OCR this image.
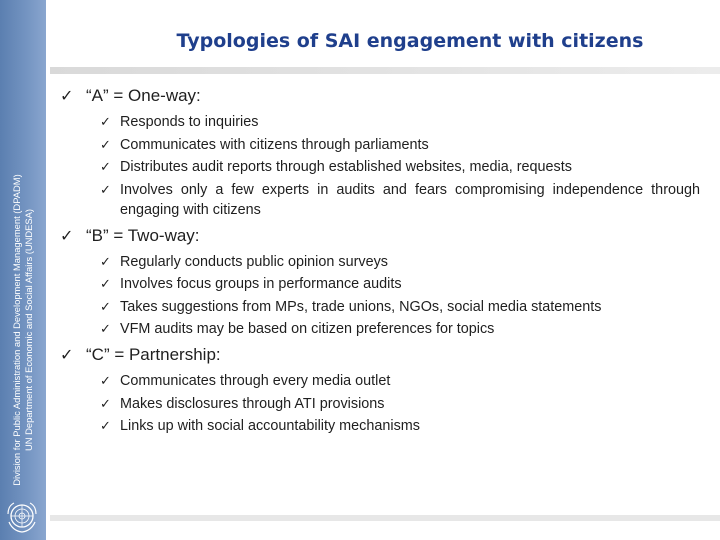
Division for Public Administration and Development Management (DPADM) UN Department of Economic and Social Affairs (UNDESA)
Typologies of SAI engagement with citizens
✓ “A” = One-way:
✓ Responds to inquiries
✓ Communicates with citizens through parliaments
✓ Distributes audit reports through established websites, media, requests
✓ Involves only a few experts in audits and fears compromising independence through engaging with citizens
✓ “B” = Two-way:
✓ Regularly conducts public opinion surveys
✓ Involves focus groups in performance audits
✓ Takes suggestions from MPs, trade unions, NGOs, social media statements
✓ VFM audits may be based on citizen preferences for topics
✓ “C” = Partnership:
✓ Communicates through every media outlet
✓ Makes disclosures through ATI provisions
✓ Links up with social accountability mechanisms
